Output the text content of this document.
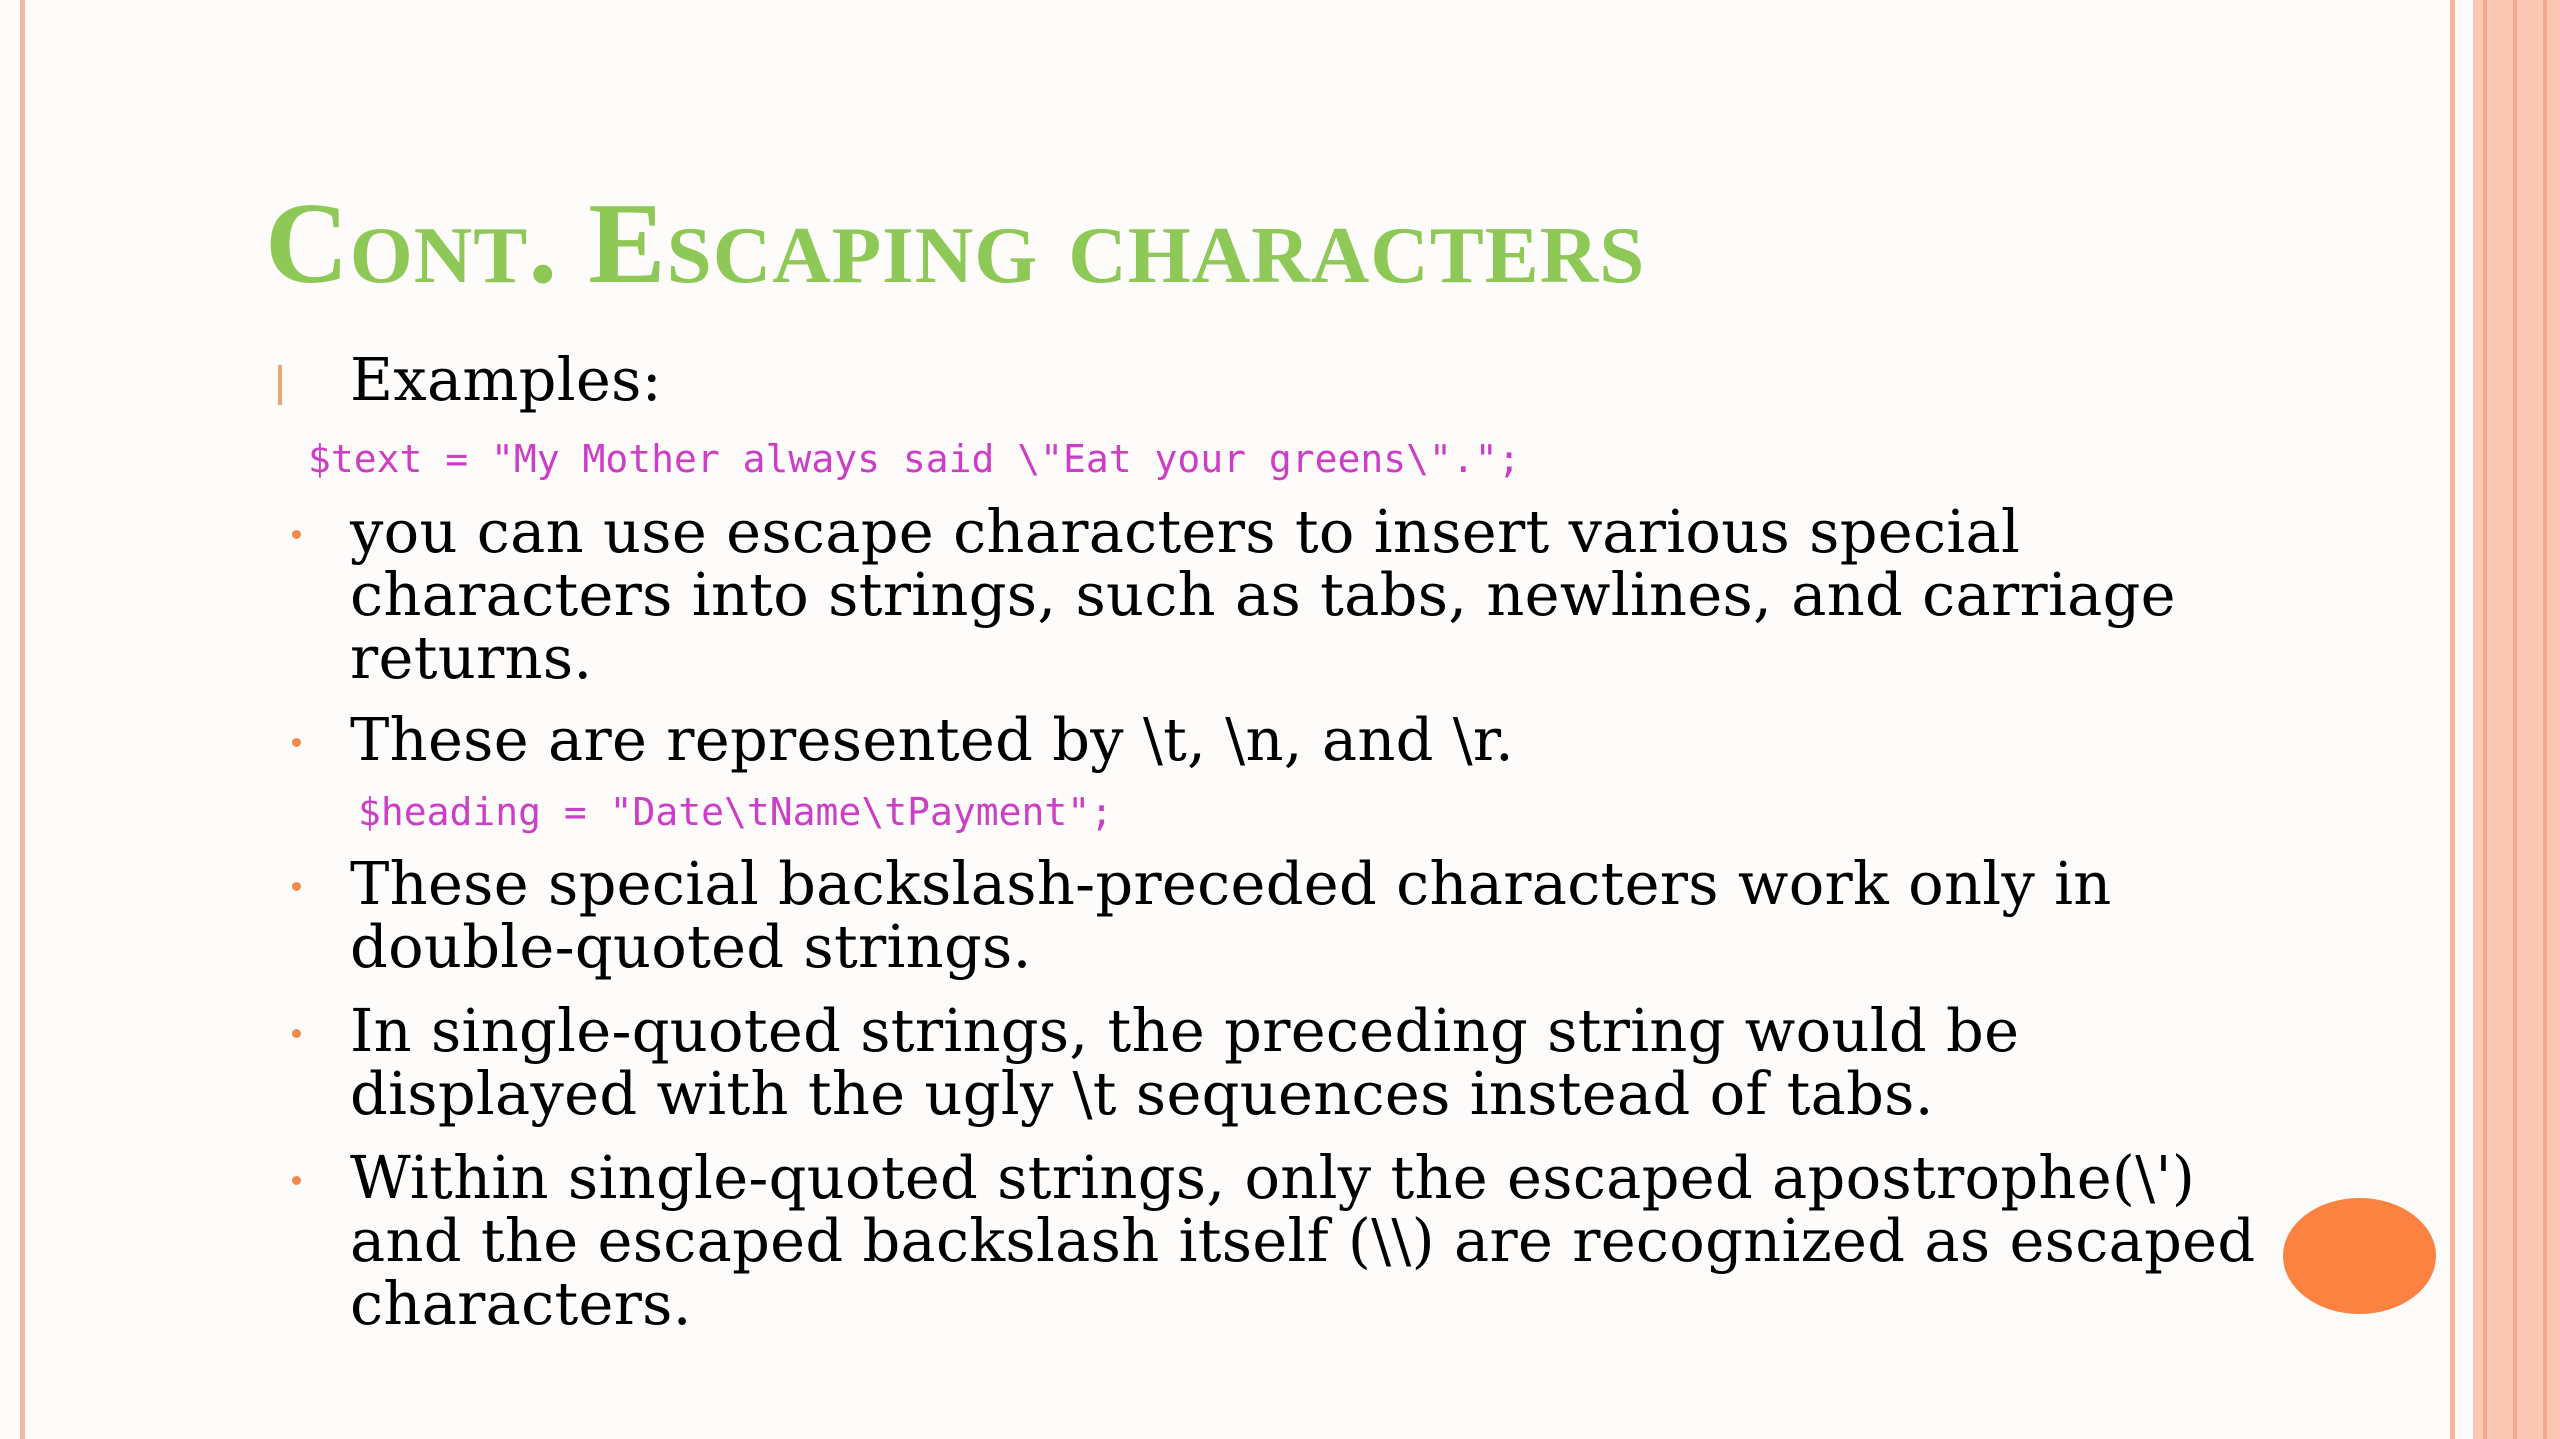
Cont. Escaping characters
Examples:
$text = "My Mother always said \"Eat your greens\".";
you can use escape characters to insert various special
characters into strings, such as tabs, newlines, and carriage
returns.
These are represented by \t, \n, and \r.
$heading = "Date\tName\tPayment";
These special backslash-preceded characters work only in
double-quoted strings.
In single-quoted strings, the preceding string would be
displayed with the ugly \t sequences instead of tabs.
Within single-quoted strings, only the escaped apostrophe(\')
and the escaped backslash itself (\\) are recognized as escaped
characters.
